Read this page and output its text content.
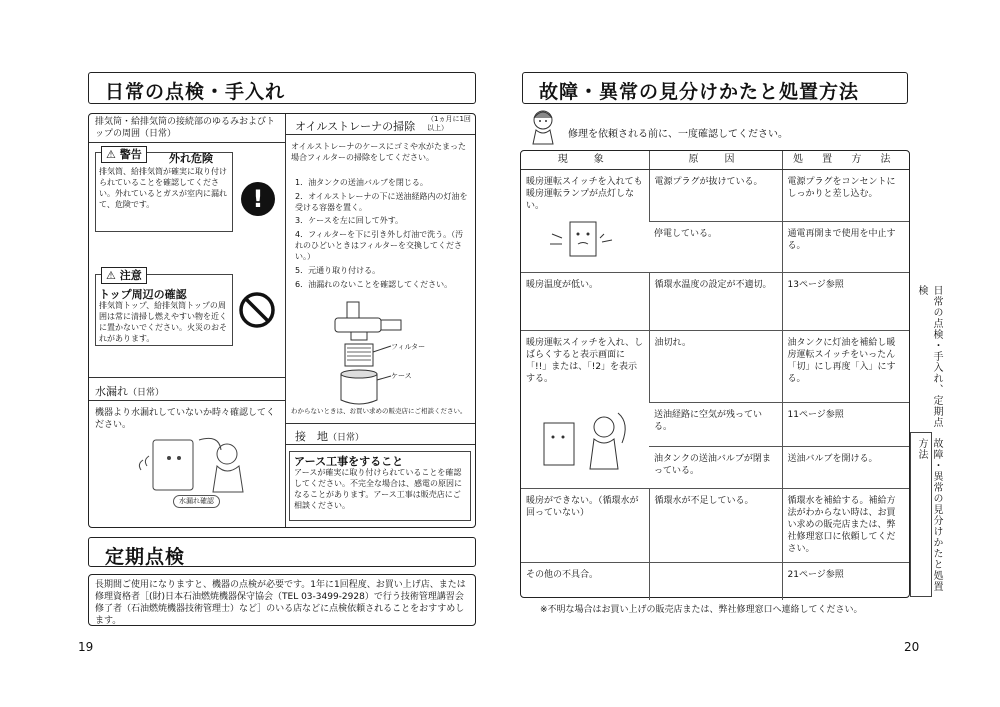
日常の点検・手入れ
排気筒・給排気筒の接続部のゆるみおよびトップの周囲（日常）
⚠ 警告	外れ危険
排気筒、給排気筒が確実に取り付けられていることを確認してください。外れているとガスが室内に漏れて、危険です。	!
⚠ 注意
トップ周辺の確認
排気筒トップ、給排気筒トップの周囲は常に清掃し燃えやすい物を近くに置かないでください。火災のおそれがあります。
水漏れ（日常）
機器より水漏れしていないか時々確認してください。
水漏れ確認
オイルストレーナの掃除
（1ヵ月に1回以上）
オイルストレーナのケースにゴミや水がたまった場合フィルターの掃除をしてください。
1．油タンクの送油バルブを閉じる。
2．オイルストレーナの下に送油経路内の灯油を受ける容器を置く。
3．ケースを左に回して外す。
4．フィルターを下に引き外し灯油で洗う。（汚れのひどいときはフィルターを交換してください。）
5．元通り取り付ける。
6．油漏れのないことを確認してください。
フィルター
ケース
わからないときは、お買い求めの販売店にご相談ください。
接　地（日常）
アース工事をすること
アースが確実に取り付けられていることを確認してください。不完全な場合は、感電の原因になることがあります。アース工事は販売店にご相談ください。
定期点検
長期間ご使用になりますと、機器の点検が必要です。1年に1回程度、お買い上げ店、または修理資格者［(財)日本石油燃焼機器保守協会（TEL 03-3499-2928）で行う技術管理講習会修了者（石油燃焼機器技術管理士）など］のいる店などに点検依頼されることをおすすめします。
19
故障・異常の見分けかたと処置方法
修理を依頼される前に、一度確認してください。
現　象	原　因	処 置 方 法

暖房運転スイッチを入れても暖房運転ランプが点灯しない。	電源プラグが抜けている。	電源プラグをコンセントにしっかりと差し込む。
	停電している。	通電再開まで使用を中止する。
暖房温度が低い。	循環水温度の設定が不適切。	13ページ参照

暖房運転スイッチを入れ、しばらくすると表示画面に「!!」または、「!2」を表示する。	油切れ。	油タンクに灯油を補給し暖房運転スイッチをいったん「切」にし再度「入」にする。
	送油経路に空気が残っている。	11ページ参照
	油タンクの送油バルブが閉まっている。	送油バルブを開ける。
暖房ができない。（循環水が回っていない）	循環水が不足している。	循環水を補給する。補給方法がわからない時は、お買い求めの販売店または、弊社修理窓口に依頼してください。
その他の不具合。		21ページ参照
※不明な場合はお買い上げの販売店または、弊社修理窓口へ連絡してください。
日常の点検・手入れ、定期点検
故障・異常の見分けかたと処置方法
20
